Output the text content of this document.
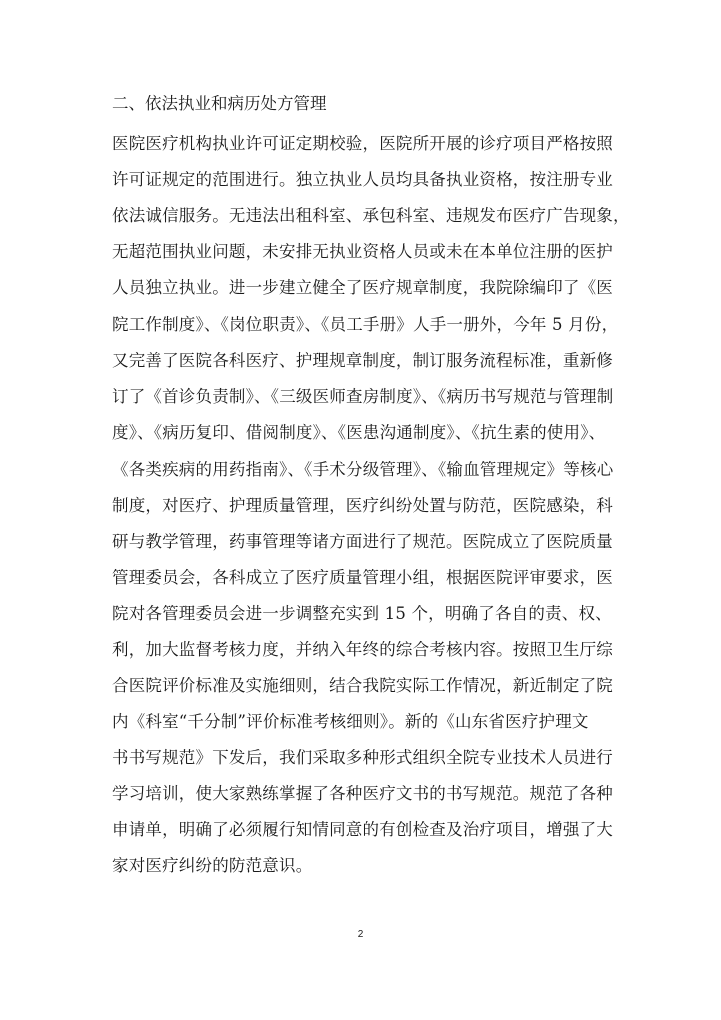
二、依法执业和病历处方管理
医院医疗机构执业许可证定期校验，医院所开展的诊疗项目严格按照
许可证规定的范围进行。独立执业人员均具备执业资格，按注册专业
依法诚信服务。无违法出租科室、承包科室、违规发布医疗广告现象，
无超范围执业问题，未安排无执业资格人员或未在本单位注册的医护
人员独立执业。进一步建立健全了医疗规章制度，我院除编印了《医
院工作制度》、《岗位职责》、《员工手册》人手一册外，今年 5 月份，
又完善了医院各科医疗、护理规章制度，制订服务流程标准，重新修
订了《首诊负责制》、《三级医师查房制度》、《病历书写规范与管理制
度》、《病历复印、借阅制度》、《医患沟通制度》、《抗生素的使用》、
《各类疾病的用药指南》、《手术分级管理》、《输血管理规定》等核心
制度，对医疗、护理质量管理，医疗纠纷处置与防范，医院感染，科
研与教学管理，药事管理等诸方面进行了规范。医院成立了医院质量
管理委员会，各科成立了医疗质量管理小组，根据医院评审要求，医
院对各管理委员会进一步调整充实到 15 个，明确了各自的责、权、
利，加大监督考核力度，并纳入年终的综合考核内容。按照卫生厅综
合医院评价标准及实施细则，结合我院实际工作情况，新近制定了院
内《科室“千分制”评价标准考核细则》。新的《山东省医疗护理文
书书写规范》下发后，我们采取多种形式组织全院专业技术人员进行
学习培训，使大家熟练掌握了各种医疗文书的书写规范。规范了各种
申请单，明确了必须履行知情同意的有创检查及治疗项目，增强了大
家对医疗纠纷的防范意识。
2
